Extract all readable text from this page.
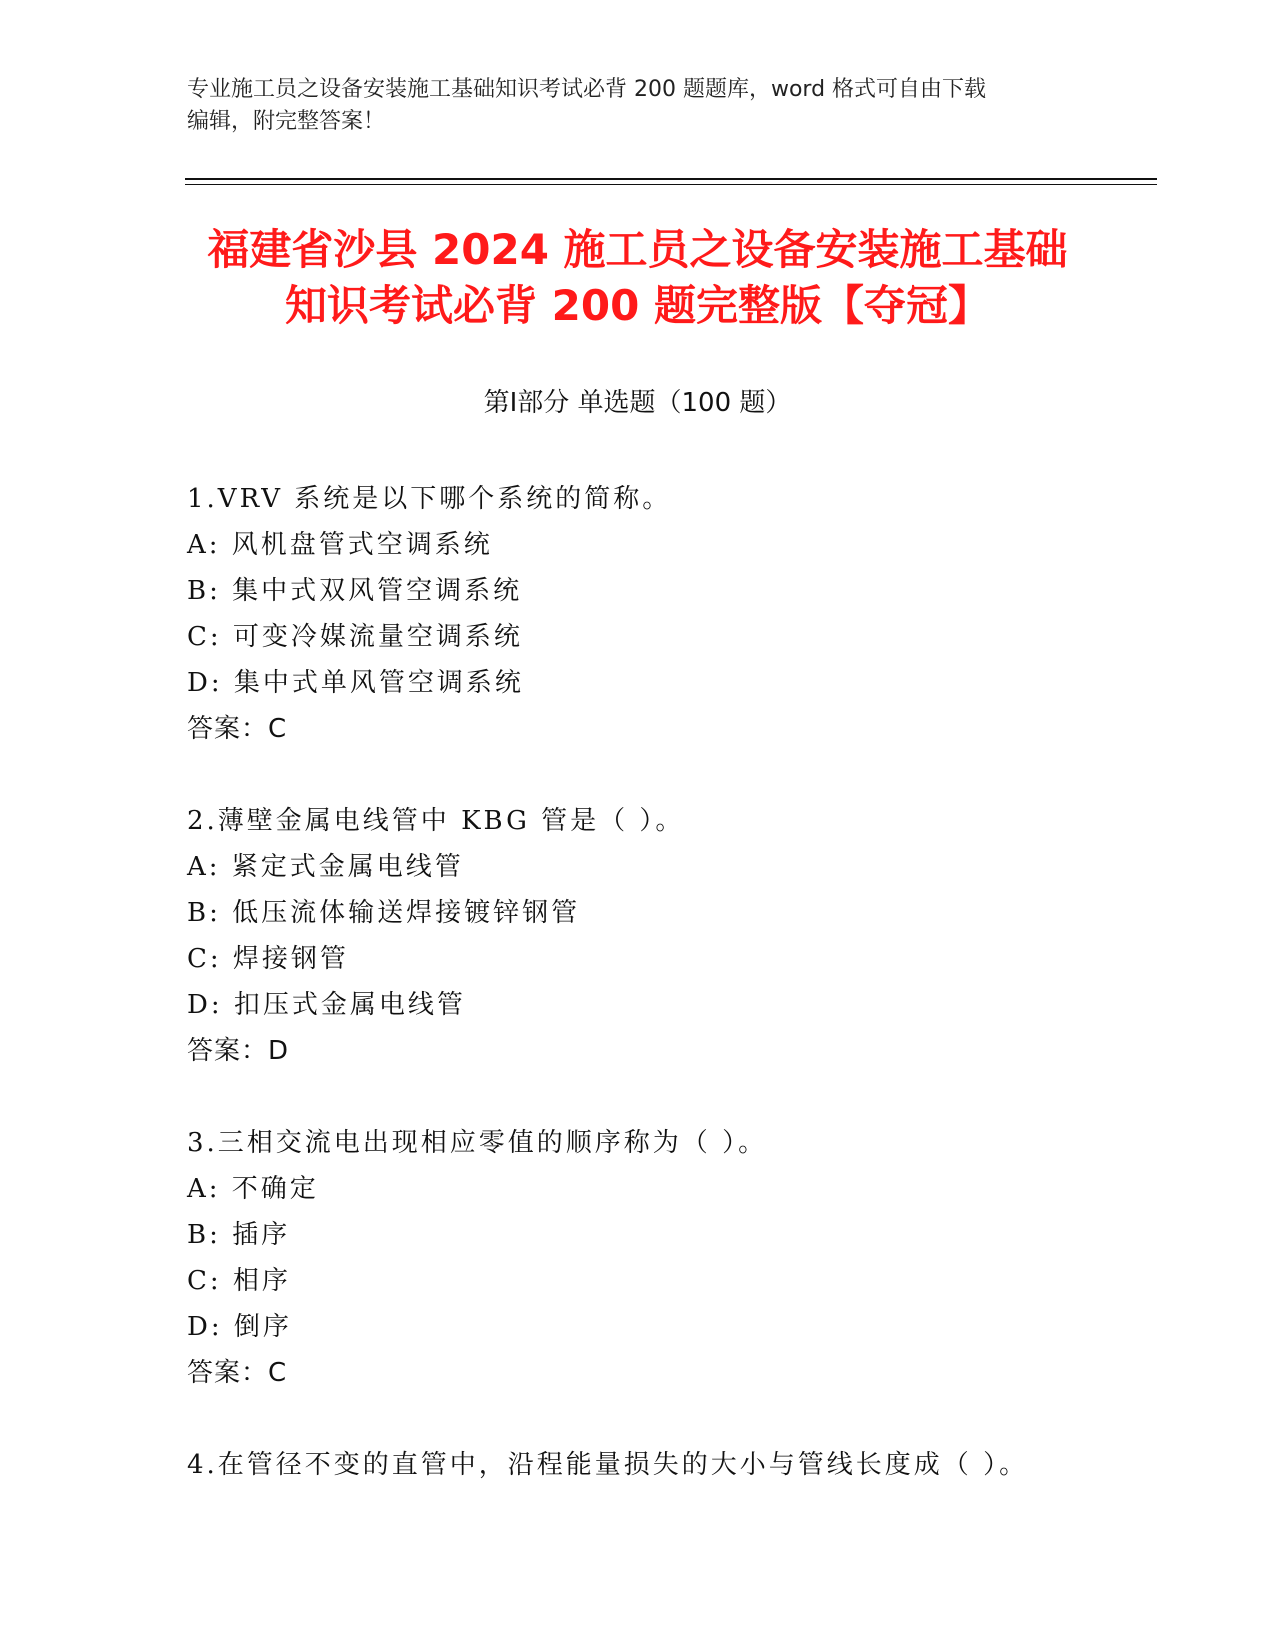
专业施工员之设备安装施工基础知识考试必背 200 题题库，word 格式可自由下载
编辑，附完整答案！
福建省沙县 2024 施工员之设备安装施工基础
知识考试必背 200 题完整版【夺冠】
第Ⅰ部分 单选题（100 题）
1.VRV 系统是以下哪个系统的简称。
A: 风机盘管式空调系统
B: 集中式双风管空调系统
C: 可变冷媒流量空调系统
D: 集中式单风管空调系统
答案：C
2.薄壁金属电线管中 KBG 管是（ ）。
A: 紧定式金属电线管
B: 低压流体输送焊接镀锌钢管
C: 焊接钢管
D: 扣压式金属电线管
答案：D
3.三相交流电出现相应零值的顺序称为（ ）。
A: 不确定
B: 插序
C: 相序
D: 倒序
答案：C
4.在管径不变的直管中，沿程能量损失的大小与管线长度成（ ）。
